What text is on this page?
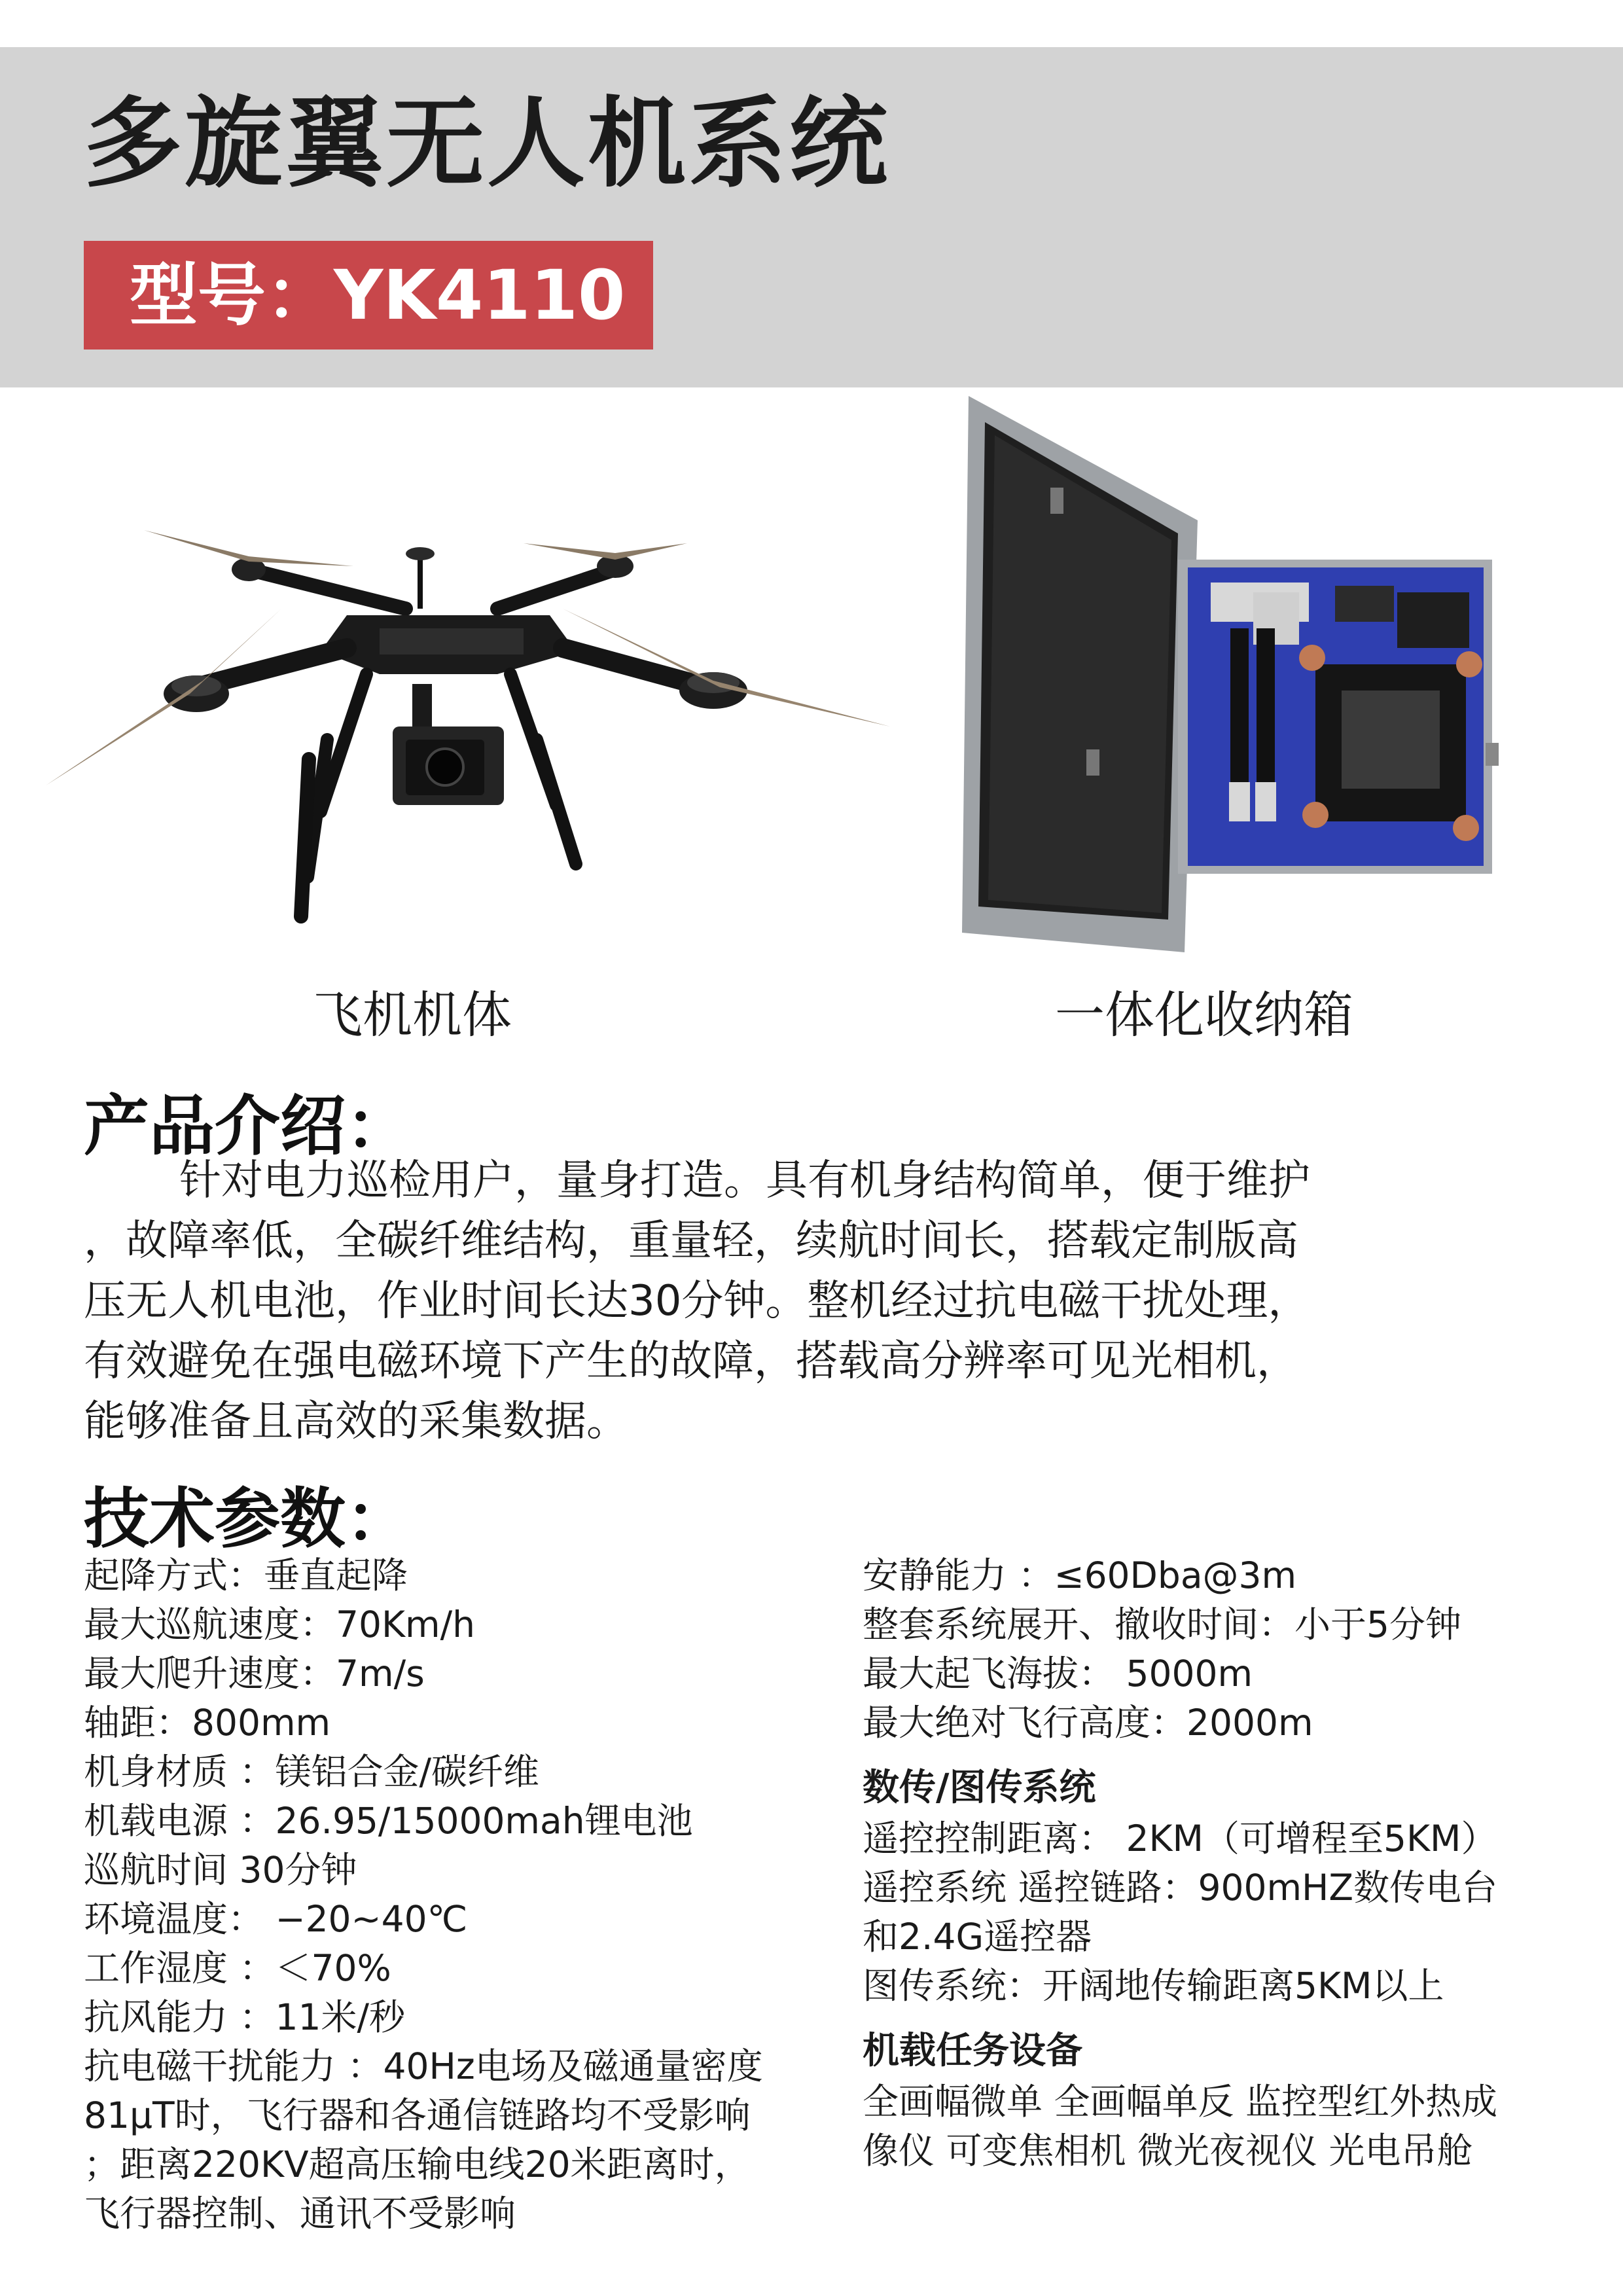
多旋翼无人机系统
型号：YK4110
飞机机体	一体化收纳箱
产品介绍：
针对电力巡检用户，量身打造。具有机身结构简单，便于维护
，故障率低，全碳纤维结构，重量轻，续航时间长，搭载定制版高
压无人机电池，作业时间长达30分钟。整机经过抗电磁干扰处理，
有效避免在强电磁环境下产生的故障，搭载高分辨率可见光相机，
能够准备且高效的采集数据。
技术参数：
起降方式：垂直起降
最大巡航速度：70Km/h
最大爬升速度：7m/s
轴距：800mm
机身材质 ：镁铝合金/碳纤维
机载电源 ：26.95/15000mah锂电池
巡航时间 30分钟
环境温度： −20~40℃
工作湿度 ：＜70%
抗风能力 ：11米/秒
抗电磁干扰能力 ：40Hz电场及磁通量密度
81μT时，飞行器和各通信链路均不受影响
；距离220KV超高压输电线20米距离时，
飞行器控制、通讯不受影响
安静能力 ：≤60Dba@3m
整套系统展开、撤收时间：小于5分钟
最大起飞海拔： 5000m
最大绝对飞行高度：2000m
数传/图传系统
遥控控制距离： 2KM（可增程至5KM）
遥控系统 遥控链路：900mHZ数传电台
和2.4G遥控器
图传系统：开阔地传输距离5KM以上
机载任务设备
全画幅微单 全画幅单反 监控型红外热成
像仪 可变焦相机 微光夜视仪 光电吊舱
